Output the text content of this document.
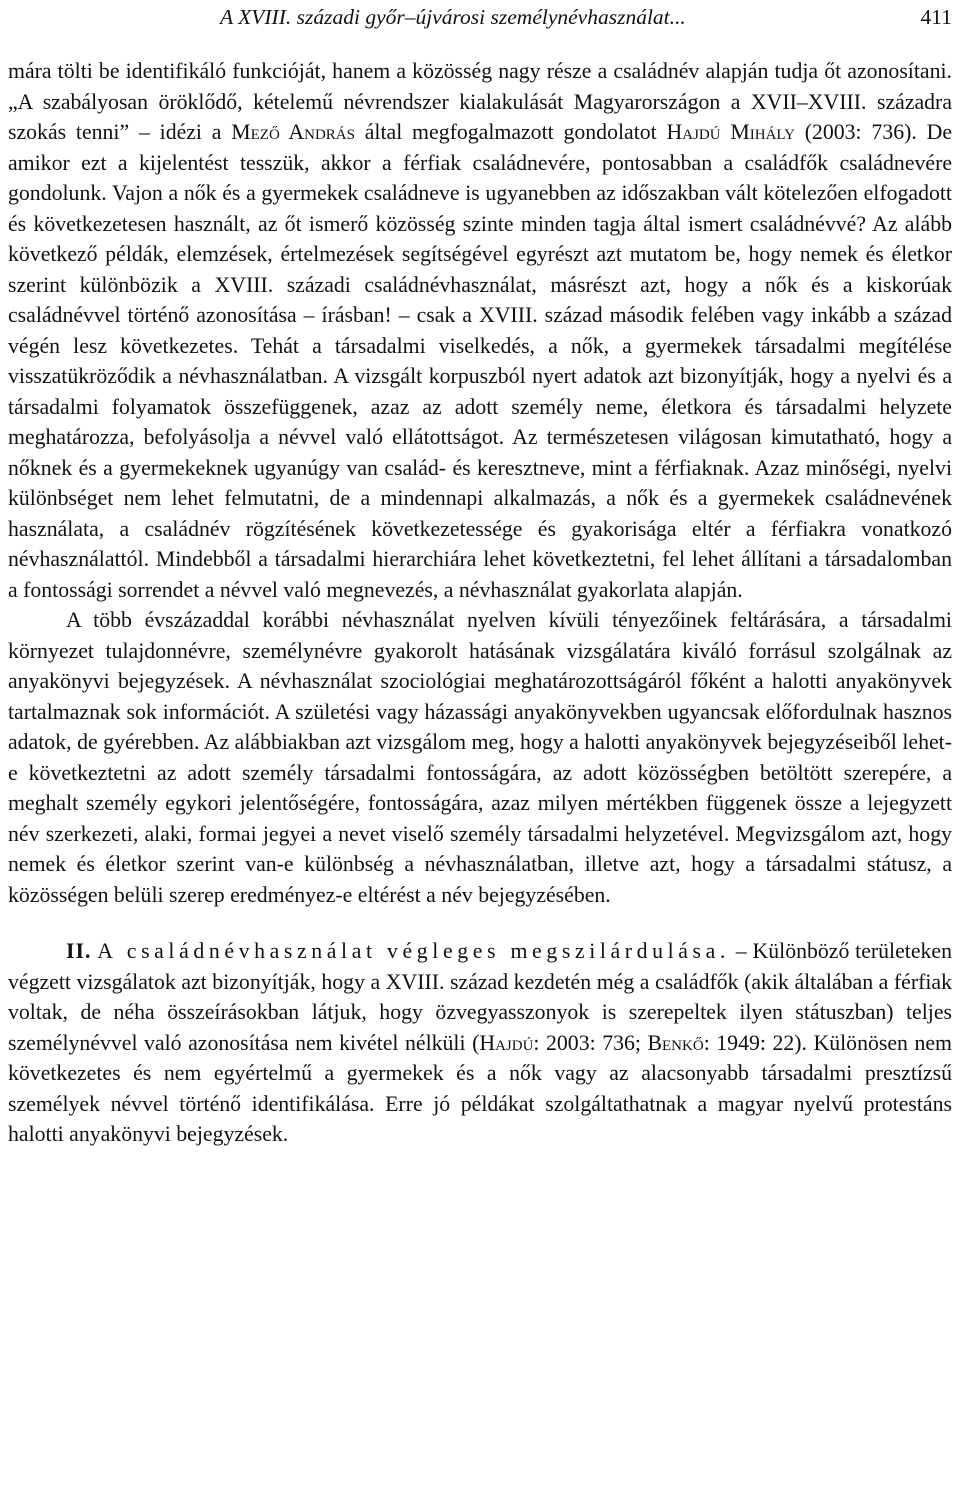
A XVIII. századi győr–újvárosi személynévhasználat...	411

mára tölti be identifikáló funkcióját, hanem a közösség nagy része a családnév alapján tudja őt azonosítani. „A szabályosan öröklődő, kételemű névrendszer kialakulását Magyarországon a XVII–XVIII. századra szokás tenni” – idézi a Mező András által megfogalmazott gondolatot Hajdú Mihály (2003: 736). De amikor ezt a kijelentést tesszük, akkor a férfiak családnevére, pontosabban a családfők családnevére gondolunk. Vajon a nők és a gyermekek családneve is ugyanebben az időszakban vált kötelezően elfogadott és következetesen használt, az őt ismerő közösség szinte minden tagja által ismert családnévvé? Az alább következő példák, elemzések, értelmezések segítségével egyrészt azt mutatom be, hogy nemek és életkor szerint különbözik a XVIII. századi családnévhasználat, másrészt azt, hogy a nők és a kiskorúak családnévvel történő azonosítása – írásban! – csak a XVIII. század második felében vagy inkább a század végén lesz következetes. Tehát a társadalmi viselkedés, a nők, a gyermekek társadalmi megítélése visszatükröződik a névhasználatban. A vizsgált korpuszból nyert adatok azt bizonyítják, hogy a nyelvi és a társadalmi folyamatok összefüggenek, azaz az adott személy neme, életkora és társadalmi helyzete meghatározza, befolyásolja a névvel való ellátottságot. Az természetesen világosan kimutatható, hogy a nőknek és a gyermekeknek ugyanúgy van család- és keresztneve, mint a férfiaknak. Azaz minőségi, nyelvi különbséget nem lehet felmutatni, de a mindennapi alkalmazás, a nők és a gyermekek családnevének használata, a családnév rögzítésének következetessége és gyakorisága eltér a férfiakra vonatkozó névhasználattól. Mindebből a társadalmi hierarchiára lehet következtetni, fel lehet állítani a társadalomban a fontossági sorrendet a névvel való megnevezés, a névhasználat gyakorlata alapján.

A több évszázaddal korábbi névhasználat nyelven kívüli tényezőinek feltárására, a társadalmi környezet tulajdonnévre, személynévre gyakorolt hatásának vizsgálatára kiváló forrásul szolgálnak az anyakönyvi bejegyzések. A névhasználat szociológiai meghatározottságáról főként a halotti anyakönyvek tartalmaznak sok információt. A születési vagy házassági anyakönyvekben ugyancsak előfordulnak hasznos adatok, de gyérebben. Az alábbiakban azt vizsgálom meg, hogy a halotti anyakönyvek bejegyzéseiből lehet-e következtetni az adott személy társadalmi fontosságára, az adott közösségben betöltött szerepére, a meghalt személy egykori jelentőségére, fontosságára, azaz milyen mértékben függenek össze a lejegyzett név szerkezeti, alaki, formai jegyei a nevet viselő személy társadalmi helyzetével. Megvizsgálom azt, hogy nemek és életkor szerint van-e különbség a névhasználatban, illetve azt, hogy a társadalmi státusz, a közösségen belüli szerep eredményez-e eltérést a név bejegyzésében.

II. A családnévhasználat végleges megszilárdulása. – Különböző területeken végzett vizsgálatok azt bizonyítják, hogy a XVIII. század kezdetén még a családfők (akik általában a férfiak voltak, de néha összeírásokban látjuk, hogy özvegyasszonyok is szerepeltek ilyen státuszban) teljes személynévvel való azonosítása nem kivétel nélküli (Hajdú: 2003: 736; Benkő: 1949: 22). Különösen nem következetes és nem egyértelmű a gyermekek és a nők vagy az alacsonyabb társadalmi presztízsű személyek névvel történő identifikálása. Erre jó példákat szolgáltathatnak a magyar nyelvű protestáns halotti anyakönyvi bejegyzések.
